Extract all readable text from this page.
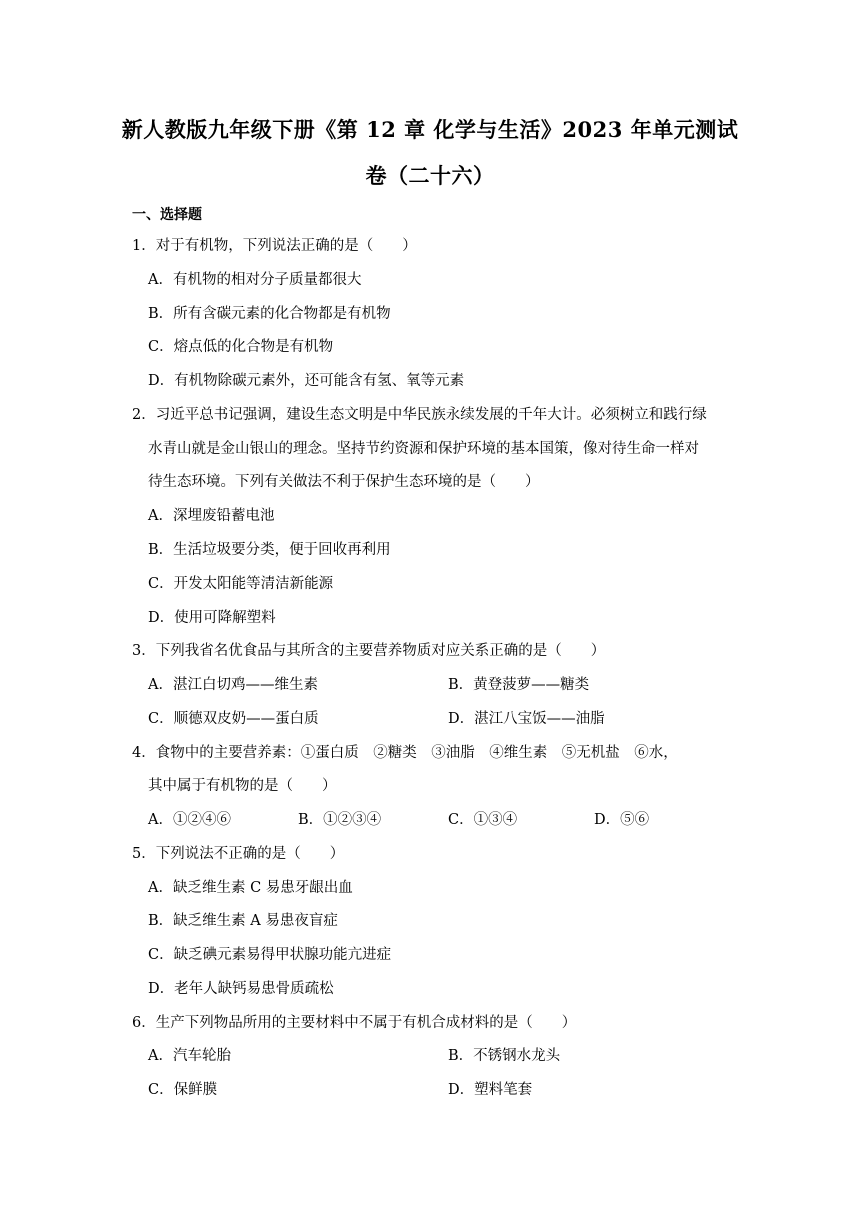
新人教版九年级下册《第 12 章 化学与生活》2023 年单元测试
卷（二十六）
一、选择题
1．对于有机物，下列说法正确的是（　　）
A．有机物的相对分子质量都很大
B．所有含碳元素的化合物都是有机物
C．熔点低的化合物是有机物
D．有机物除碳元素外，还可能含有氢、氧等元素
2．习近平总书记强调，建设生态文明是中华民族永续发展的千年大计。必须树立和践行绿
水青山就是金山银山的理念。坚持节约资源和保护环境的基本国策，像对待生命一样对
待生态环境。下列有关做法不利于保护生态环境的是（　　）
A．深埋废铅蓄电池
B．生活垃圾要分类，便于回收再利用
C．开发太阳能等清洁新能源
D．使用可降解塑料
3．下列我省名优食品与其所含的主要营养物质对应关系正确的是（　　）
A．湛江白切鸡——维生素	B．黄登菠萝——糖类
C．顺德双皮奶——蛋白质	D．湛江八宝饭——油脂
4．食物中的主要营养素：①蛋白质　②糖类　③油脂　④维生素　⑤无机盐　⑥水，
其中属于有机物的是（　　）
A．①②④⑥	B．①②③④	C．①③④	D．⑤⑥
5．下列说法不正确的是（　　）
A．缺乏维生素 C 易患牙龈出血
B．缺乏维生素 A 易患夜盲症
C．缺乏碘元素易得甲状腺功能亢进症
D．老年人缺钙易患骨质疏松
6．生产下列物品所用的主要材料中不属于有机合成材料的是（　　）
A．汽车轮胎	B．不锈钢水龙头
C．保鲜膜	D．塑料笔套
